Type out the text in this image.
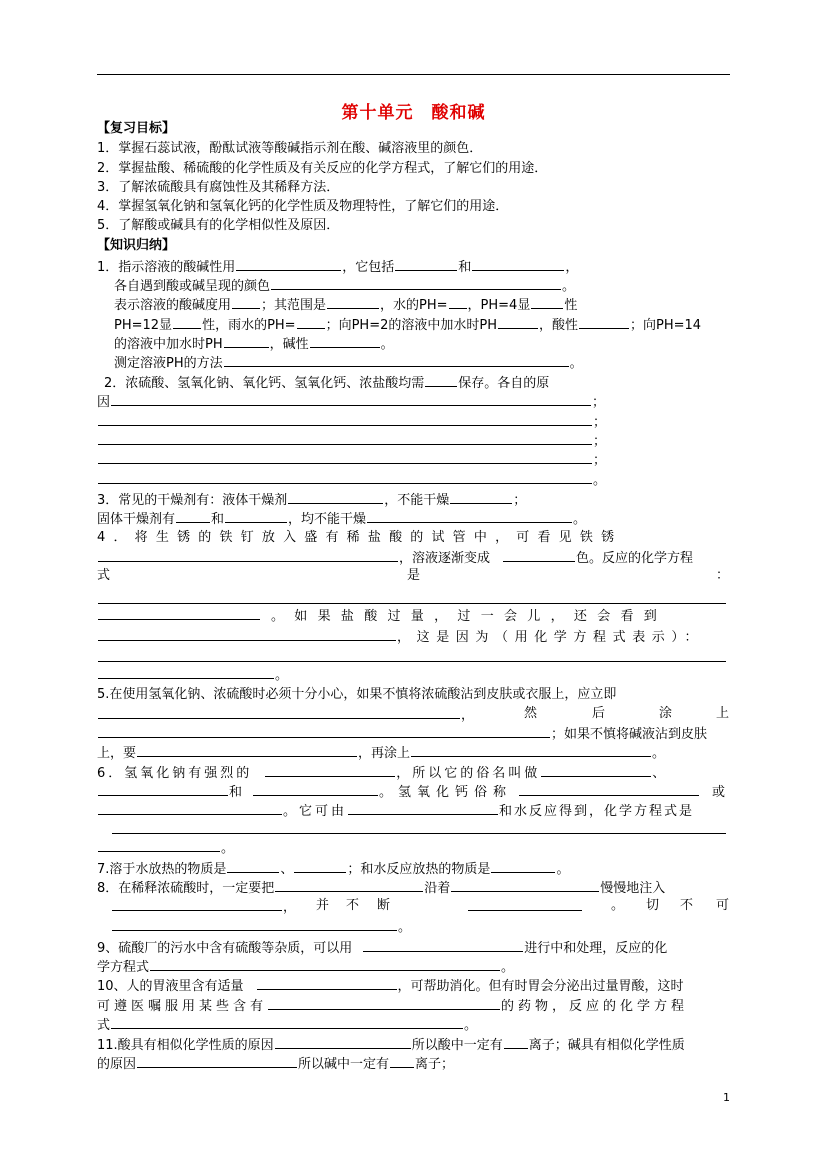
第十单元　酸和碱
【复习目标】
1．掌握石蕊试液，酚酞试液等酸碱指示剂在酸、碱溶液里的颜色．
2．掌握盐酸、稀硫酸的化学性质及有关反应的化学方程式，了解它们的用途．
3．了解浓硫酸具有腐蚀性及其稀释方法．
4．掌握氢氧化钠和氢氧化钙的化学性质及物理特性，了解它们的用途．
5．了解酸或碱具有的化学相似性及原因．
【知识归纳】
1．指示溶液的酸碱性用	，它包括	和	，
各自遇到酸或碱呈现的颜色	。
表示溶液的酸碱度用 ；其范围是	，水的PH= ，PH=4显	性
PH=12显 性，雨水的PH= ；向PH=2的溶液中加水时PH	，酸性	；向PH=14
的溶液中加水时PH	，碱性	。
测定溶液PH的方法	。
2．浓硫酸、氢氧化钠、氧化钙、氢氧化钙、浓盐酸均需	保存。各自的原
因	；
；
；
；
。
3．常见的干燥剂有：液体干燥剂	，不能干燥	；
固体干燥剂有	和	，均不能干燥	。
4．将生锈的铁钉放入盛有稀盐酸的试管中，可看见铁锈
，溶液逐渐变成	色。反应的化学方程
式	是	：
。如果盐酸过量，过一会儿，还会看到
，这是因为（用化学方程式表示）：
。
5.在使用氢氧化钠、浓硫酸时必须十分小心，如果不慎将浓硫酸沾到皮肤或衣服上，应立即
，	然	后	涂	上
；如果不慎将碱液沾到皮肤
上，要	，再涂上	。
6．氢氧化钠有强烈的	，所以它的俗名叫做	、
和	。氢氧化钙俗称	或
。它可由	和水反应得到，化学方程式是
。
7.溶于水放热的物质是	、	；和水反应放热的物质是	。
8．在稀释浓硫酸时，一定要把	沿着	慢慢地注入
， 并 不 断	。 切 不 可
。
9、硫酸厂的污水中含有硫酸等杂质，可以用	进行中和处理，反应的化
学方程式	。
10、人的胃液里含有适量	，可帮助消化。但有时胃会分泌出过量胃酸，这时
可遵医嘱服用某些含有	的药物，反应的化学方程
式	。
11.酸具有相似化学性质的原因	所以酸中一定有 离子；碱具有相似化学性质
的原因	所以碱中一定有 离子；
1
